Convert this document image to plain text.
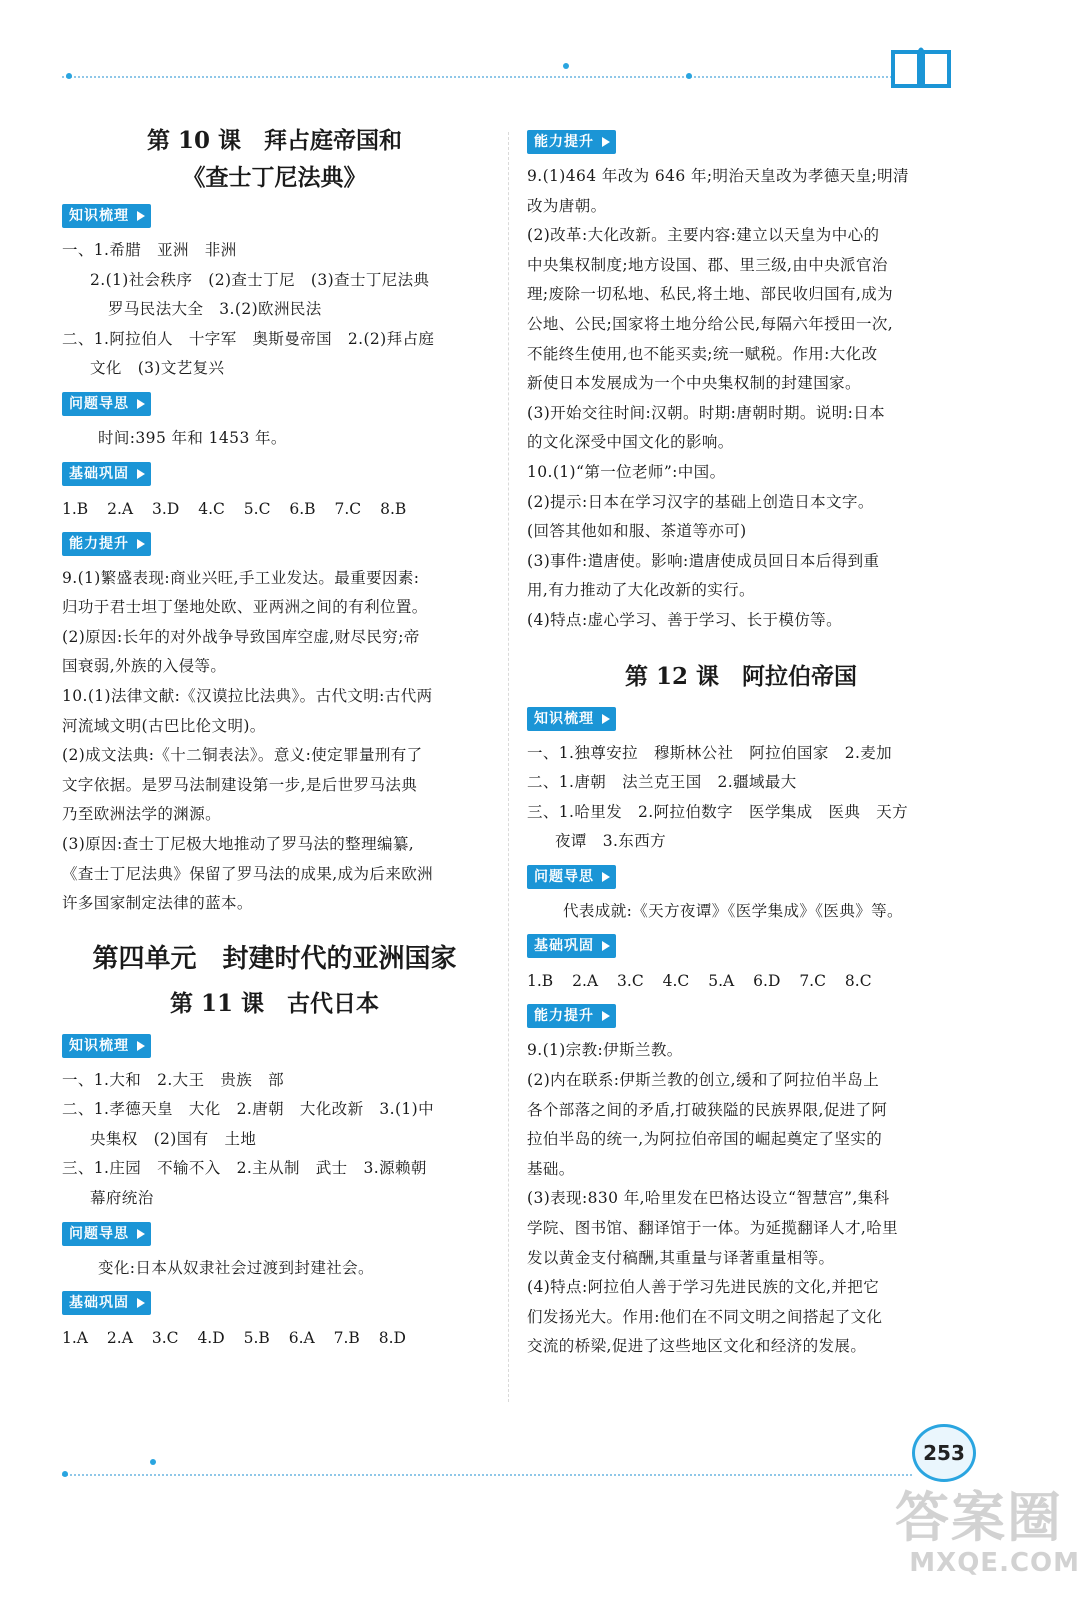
第 10 课　拜占庭帝国和
《查士丁尼法典》
知识梳理

一、1.希腊　亚洲　非洲

2.(1)社会秩序　(2)查士丁尼　(3)查士丁尼法典

罗马民法大全　3.(2)欧洲民法

二、1.阿拉伯人　十字军　奥斯曼帝国　2.(2)拜占庭

文化　(3)文艺复兴

问题导思

时间:395 年和 1453 年。

基础巩固

1.B 2.A 3.D 4.C 5.C 6.B 7.C 8.B

能力提升

9.(1)繁盛表现:商业兴旺,手工业发达。最重要因素:

归功于君士坦丁堡地处欧、亚两洲之间的有利位置。

(2)原因:长年的对外战争导致国库空虚,财尽民穷;帝

国衰弱,外族的入侵等。

10.(1)法律文献:《汉谟拉比法典》。古代文明:古代两

河流域文明(古巴比伦文明)。

(2)成文法典:《十二铜表法》。意义:使定罪量刑有了

文字依据。是罗马法制建设第一步,是后世罗马法典

乃至欧洲法学的渊源。

(3)原因:查士丁尼极大地推动了罗马法的整理编纂,

《查士丁尼法典》保留了罗马法的成果,成为后来欧洲

许多国家制定法律的蓝本。

第四单元　封建时代的亚洲国家
第 11 课　古代日本
知识梳理

一、1.大和　2.大王　贵族　部

二、1.孝德天皇　大化　2.唐朝　大化改新　3.(1)中

央集权　(2)国有　土地

三、1.庄园　不输不入　2.主从制　武士　3.源赖朝

幕府统治

问题导思

变化:日本从奴隶社会过渡到封建社会。

基础巩固

1.A 2.A 3.C 4.D 5.B 6.A 7.B 8.D

能力提升

9.(1)464 年改为 646 年;明治天皇改为孝德天皇;明清

改为唐朝。

(2)改革:大化改新。主要内容:建立以天皇为中心的

中央集权制度;地方设国、郡、里三级,由中央派官治

理;废除一切私地、私民,将土地、部民收归国有,成为

公地、公民;国家将土地分给公民,每隔六年授田一次,

不能终生使用,也不能买卖;统一赋税。作用:大化改

新使日本发展成为一个中央集权制的封建国家。

(3)开始交往时间:汉朝。时期:唐朝时期。说明:日本

的文化深受中国文化的影响。

10.(1)“第一位老师”:中国。

(2)提示:日本在学习汉字的基础上创造日本文字。

(回答其他如和服、茶道等亦可)

(3)事件:遣唐使。影响:遣唐使成员回日本后得到重

用,有力推动了大化改新的实行。

(4)特点:虚心学习、善于学习、长于模仿等。

第 12 课　阿拉伯帝国
知识梳理

一、1.独尊安拉　穆斯林公社　阿拉伯国家　2.麦加

二、1.唐朝　法兰克王国　2.疆域最大

三、1.哈里发　2.阿拉伯数字　医学集成　医典　天方

夜谭　3.东西方

问题导思

代表成就:《天方夜谭》《医学集成》《医典》等。

基础巩固

1.B 2.A 3.C 4.C 5.A 6.D 7.C 8.C

能力提升

9.(1)宗教:伊斯兰教。

(2)内在联系:伊斯兰教的创立,缓和了阿拉伯半岛上

各个部落之间的矛盾,打破狭隘的民族界限,促进了阿

拉伯半岛的统一,为阿拉伯帝国的崛起奠定了坚实的

基础。

(3)表现:830 年,哈里发在巴格达设立“智慧宫”,集科

学院、图书馆、翻译馆于一体。为延揽翻译人才,哈里

发以黄金支付稿酬,其重量与译著重量相等。

(4)特点:阿拉伯人善于学习先进民族的文化,并把它

们发扬光大。作用:他们在不同文明之间搭起了文化

交流的桥梁,促进了这些地区文化和经济的发展。

253
答案圈
MXQE.COM
